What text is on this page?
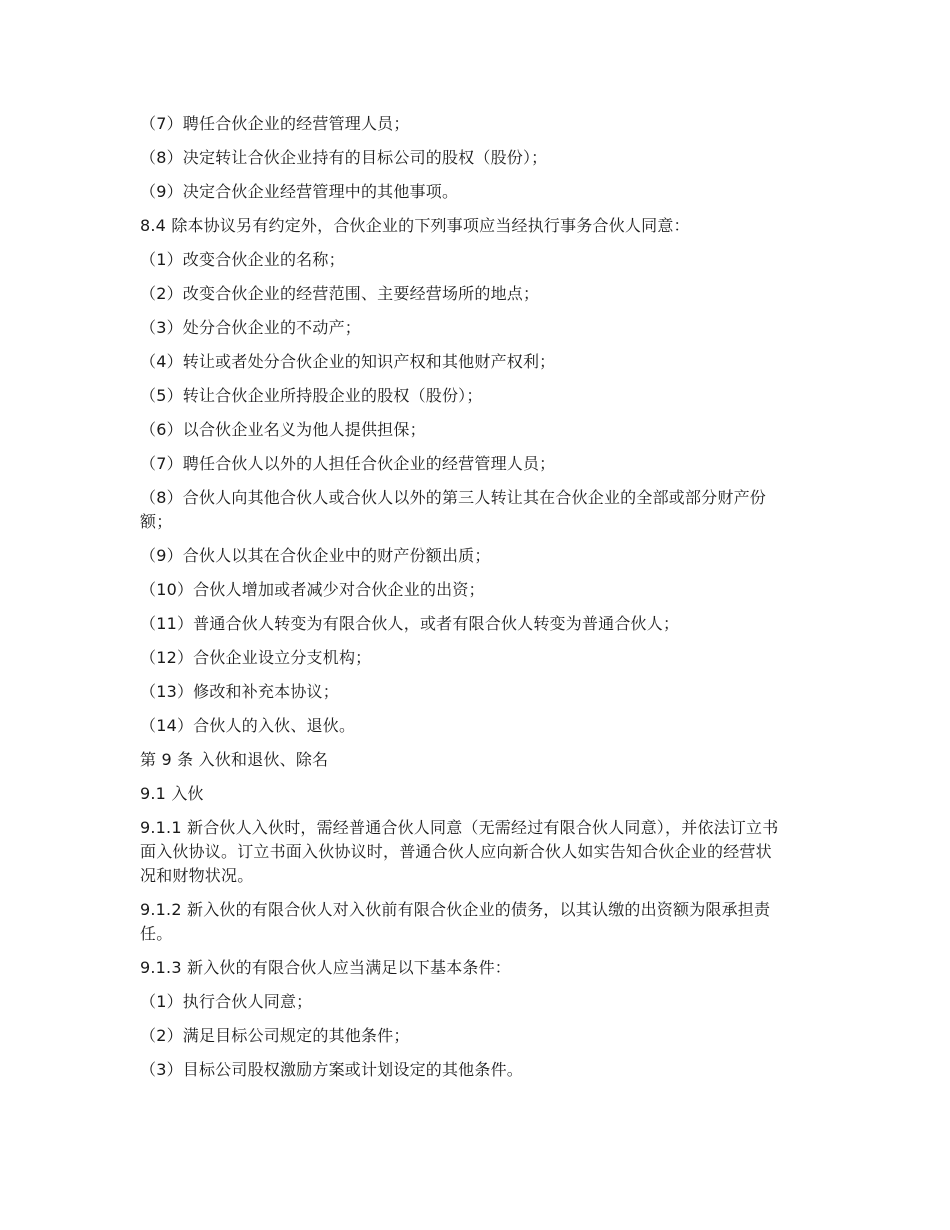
（7）聘任合伙企业的经营管理人员；

（8）决定转让合伙企业持有的目标公司的股权（股份）；

（9）决定合伙企业经营管理中的其他事项。

8.4 除本协议另有约定外，合伙企业的下列事项应当经执行事务合伙人同意：

（1）改变合伙企业的名称；

（2）改变合伙企业的经营范围、主要经营场所的地点；

（3）处分合伙企业的不动产；

（4）转让或者处分合伙企业的知识产权和其他财产权利；

（5）转让合伙企业所持股企业的股权（股份）；

（6）以合伙企业名义为他人提供担保；

（7）聘任合伙人以外的人担任合伙企业的经营管理人员；

（8）合伙人向其他合伙人或合伙人以外的第三人转让其在合伙企业的全部或部分财产份额；

（9）合伙人以其在合伙企业中的财产份额出质；

（10）合伙人增加或者减少对合伙企业的出资；

（11）普通合伙人转变为有限合伙人，或者有限合伙人转变为普通合伙人；

（12）合伙企业设立分支机构；

（13）修改和补充本协议；

（14）合伙人的入伙、退伙。

第 9 条 入伙和退伙、除名

9.1 入伙

9.1.1 新合伙人入伙时，需经普通合伙人同意（无需经过有限合伙人同意），并依法订立书面入伙协议。订立书面入伙协议时，普通合伙人应向新合伙人如实告知合伙企业的经营状况和财物状况。

9.1.2 新入伙的有限合伙人对入伙前有限合伙企业的债务，以其认缴的出资额为限承担责任。

9.1.3 新入伙的有限合伙人应当满足以下基本条件：

（1）执行合伙人同意；

（2）满足目标公司规定的其他条件；

（3）目标公司股权激励方案或计划设定的其他条件。
